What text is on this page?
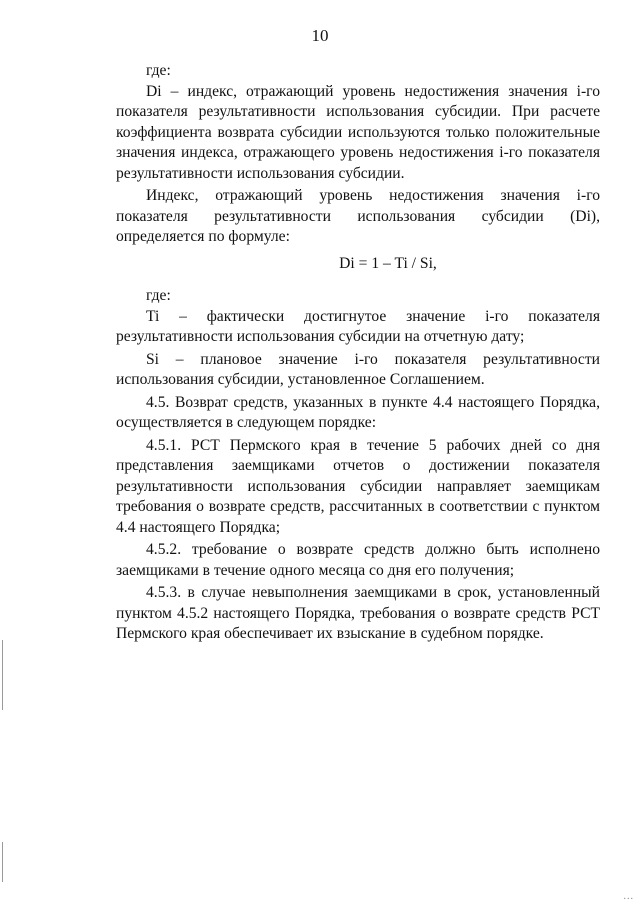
10

где:

Di – индекс, отражающий уровень недостижения значения i-го показателя результативности использования субсидии. При расчете коэффициента возврата субсидии используются только положительные значения индекса, отражающего уровень недостижения i-го показателя результативности использования субсидии.

Индекс, отражающий уровень недостижения значения i-го показателя результативности использования субсидии (Di), определяется по формуле:

Di = 1 – Ti / Si,

где:

Ti – фактически достигнутое значение i-го показателя результативности использования субсидии на отчетную дату;

Si – плановое значение i-го показателя результативности использования субсидии, установленное Соглашением.

4.5. Возврат средств, указанных в пункте 4.4 настоящего Порядка, осуществляется в следующем порядке:

4.5.1. РСТ Пермского края в течение 5 рабочих дней со дня представления заемщиками отчетов о достижении показателя результативности использования субсидии направляет заемщикам требования о возврате средств, рассчитанных в соответствии с пунктом 4.4 настоящего Порядка;

4.5.2. требование о возврате средств должно быть исполнено заемщиками в течение одного месяца со дня его получения;

4.5.3. в случае невыполнения заемщиками в срок, установленный пунктом 4.5.2 настоящего Порядка, требования о возврате средств РСТ Пермского края обеспечивает их взыскание в судебном порядке.

...
